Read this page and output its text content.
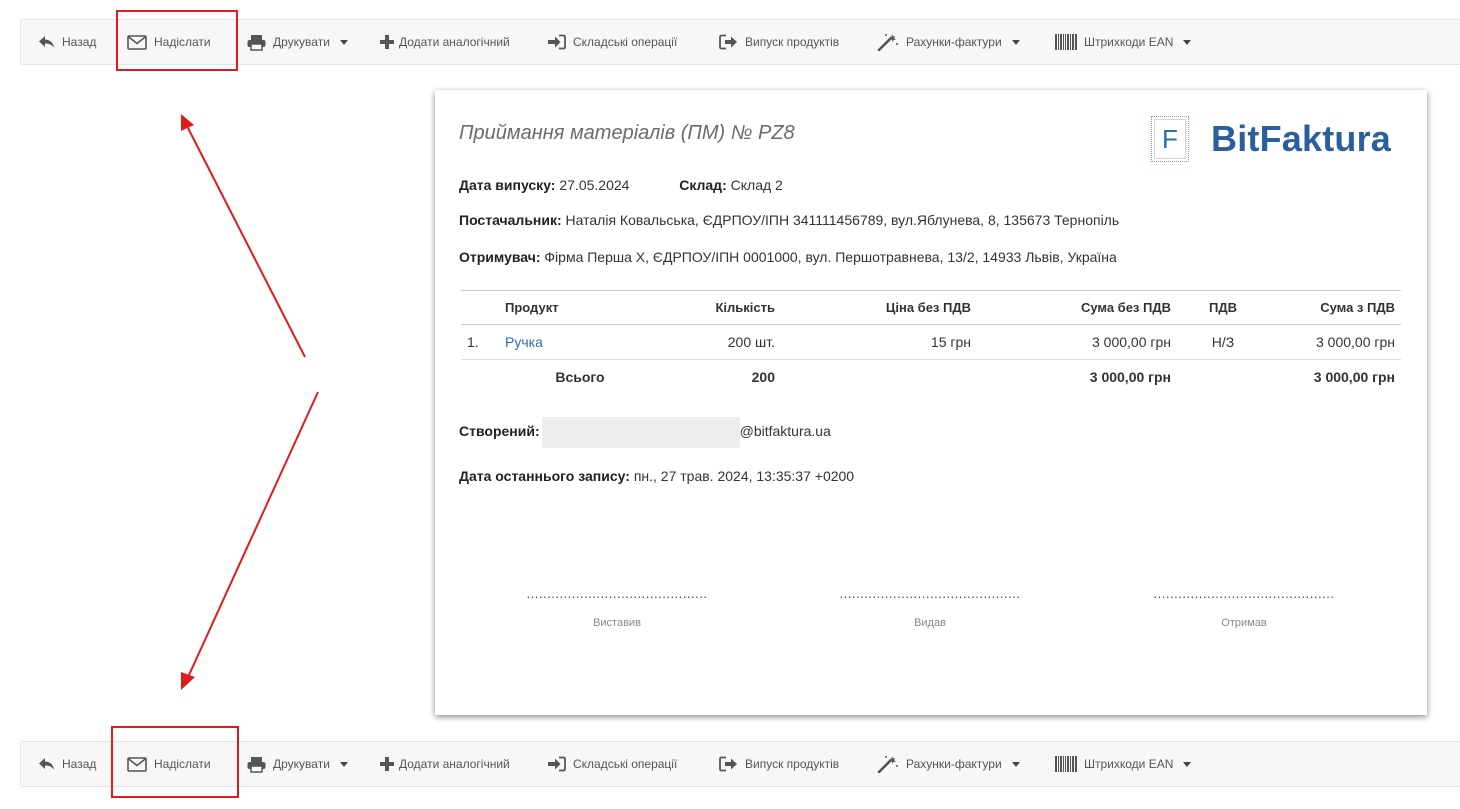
Назад	Надіслати	Друкувати	Додати аналогічний	Складські операції	Випуск продуктів	Рахунки-фактури	Штрихкоди EAN
Назад	Надіслати	Друкувати	Додати аналогічний	Складські операції	Випуск продуктів	Рахунки-фактури	Штрихкоди EAN
Приймання матеріалів (ПМ) № PZ8	F BitFaktura
Дата випуску: 27.05.2024	Склад: Склад 2
Постачальник: Наталія Ковальська, ЄДРПОУ/ІПН 341111456789, вул.Яблунева, 8, 135673 Тернопіль
Отримувач: Фірма Перша Х, ЄДРПОУ/ІПН 0001000, вул. Першотравнева, 13/2, 14933 Львів, Україна
	Продукт	Кількість	Ціна без ПДВ	Сума без ПДВ	ПДВ	Сума з ПДВ
1.	Ручка	200 шт.	15 грн	3 000,00 грн	Н/З	3 000,00 грн
	Всього	200		3 000,00 грн		3 000,00 грн
Створений:	@bitfaktura.ua
Дата останнього запису: пн., 27 трав. 2024, 13:35:37 +0200
............................................
Виставив
............................................
Видав
............................................
Отримав
